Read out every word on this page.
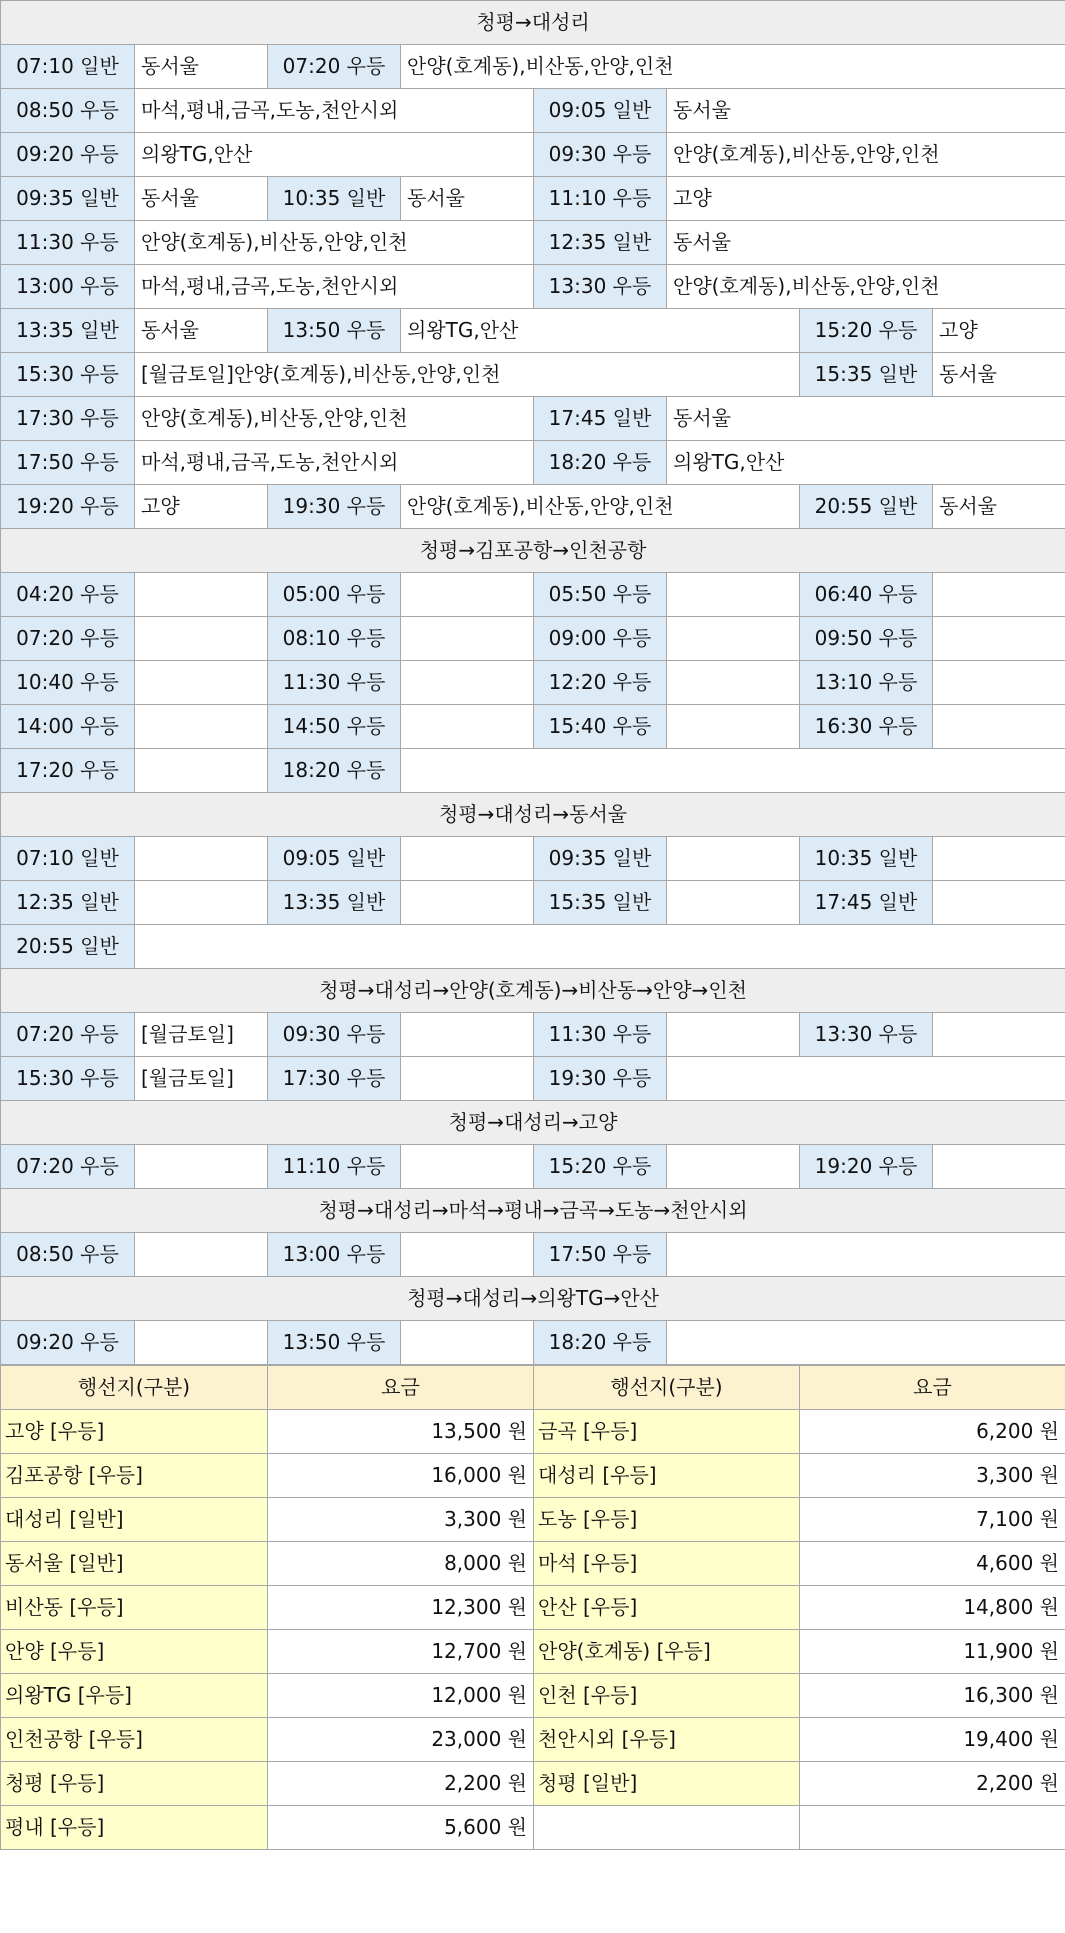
청평→대성리							
07:10 일반	동서울	07:20 우등	안양(호계동),비산동,안양,인천				
08:50 우등	마석,평내,금곡,도농,천안시외			09:05 일반	동서울		
09:20 우등	의왕TG,안산			09:30 우등	안양(호계동),비산동,안양,인천		
09:35 일반	동서울	10:35 일반	동서울	11:10 우등	고양		
11:30 우등	안양(호계동),비산동,안양,인천			12:35 일반	동서울		
13:00 우등	마석,평내,금곡,도농,천안시외			13:30 우등	안양(호계동),비산동,안양,인천		
13:35 일반	동서울	13:50 우등	의왕TG,안산			15:20 우등	고양
15:30 우등	[월금토일]안양(호계동),비산동,안양,인천					15:35 일반	동서울
17:30 우등	안양(호계동),비산동,안양,인천			17:45 일반	동서울		
17:50 우등	마석,평내,금곡,도농,천안시외			18:20 우등	의왕TG,안산		
19:20 우등	고양	19:30 우등	안양(호계동),비산동,안양,인천			20:55 일반	동서울
청평→김포공항→인천공항							
04:20 우등		05:00 우등		05:50 우등		06:40 우등	
07:20 우등		08:10 우등		09:00 우등		09:50 우등	
10:40 우등		11:30 우등		12:20 우등		13:10 우등	
14:00 우등		14:50 우등		15:40 우등		16:30 우등	
17:20 우등		18:20 우등					
청평→대성리→동서울							
07:10 일반		09:05 일반		09:35 일반		10:35 일반	
12:35 일반		13:35 일반		15:35 일반		17:45 일반	
20:55 일반							
청평→대성리→안양(호계동)→비산동→안양→인천							
07:20 우등	[월금토일]	09:30 우등		11:30 우등		13:30 우등	
15:30 우등	[월금토일]	17:30 우등		19:30 우등			
청평→대성리→고양							
07:20 우등		11:10 우등		15:20 우등		19:20 우등	
청평→대성리→마석→평내→금곡→도농→천안시외							
08:50 우등		13:00 우등		17:50 우등			
청평→대성리→의왕TG→안산							
09:20 우등		13:50 우등		18:20 우등			
행선지(구분)	요금	행선지(구분)	요금
고양 [우등]	13,500 원	금곡 [우등]	6,200 원
김포공항 [우등]	16,000 원	대성리 [우등]	3,300 원
대성리 [일반]	3,300 원	도농 [우등]	7,100 원
동서울 [일반]	8,000 원	마석 [우등]	4,600 원
비산동 [우등]	12,300 원	안산 [우등]	14,800 원
안양 [우등]	12,700 원	안양(호계동) [우등]	11,900 원
의왕TG [우등]	12,000 원	인천 [우등]	16,300 원
인천공항 [우등]	23,000 원	천안시외 [우등]	19,400 원
청평 [우등]	2,200 원	청평 [일반]	2,200 원
평내 [우등]	5,600 원		
